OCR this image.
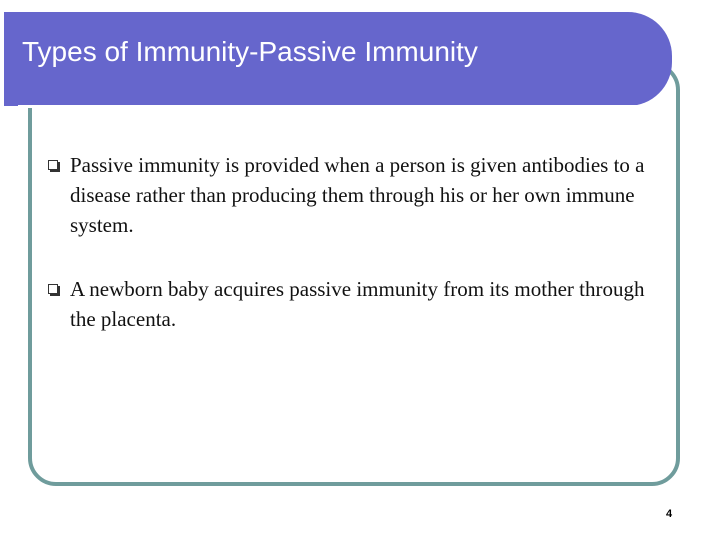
Types of Immunity-Passive Immunity
Passive immunity is provided when a person is given antibodies to a disease rather than producing them through his or her own immune system.
A newborn baby acquires passive immunity from its mother through the placenta.
4
